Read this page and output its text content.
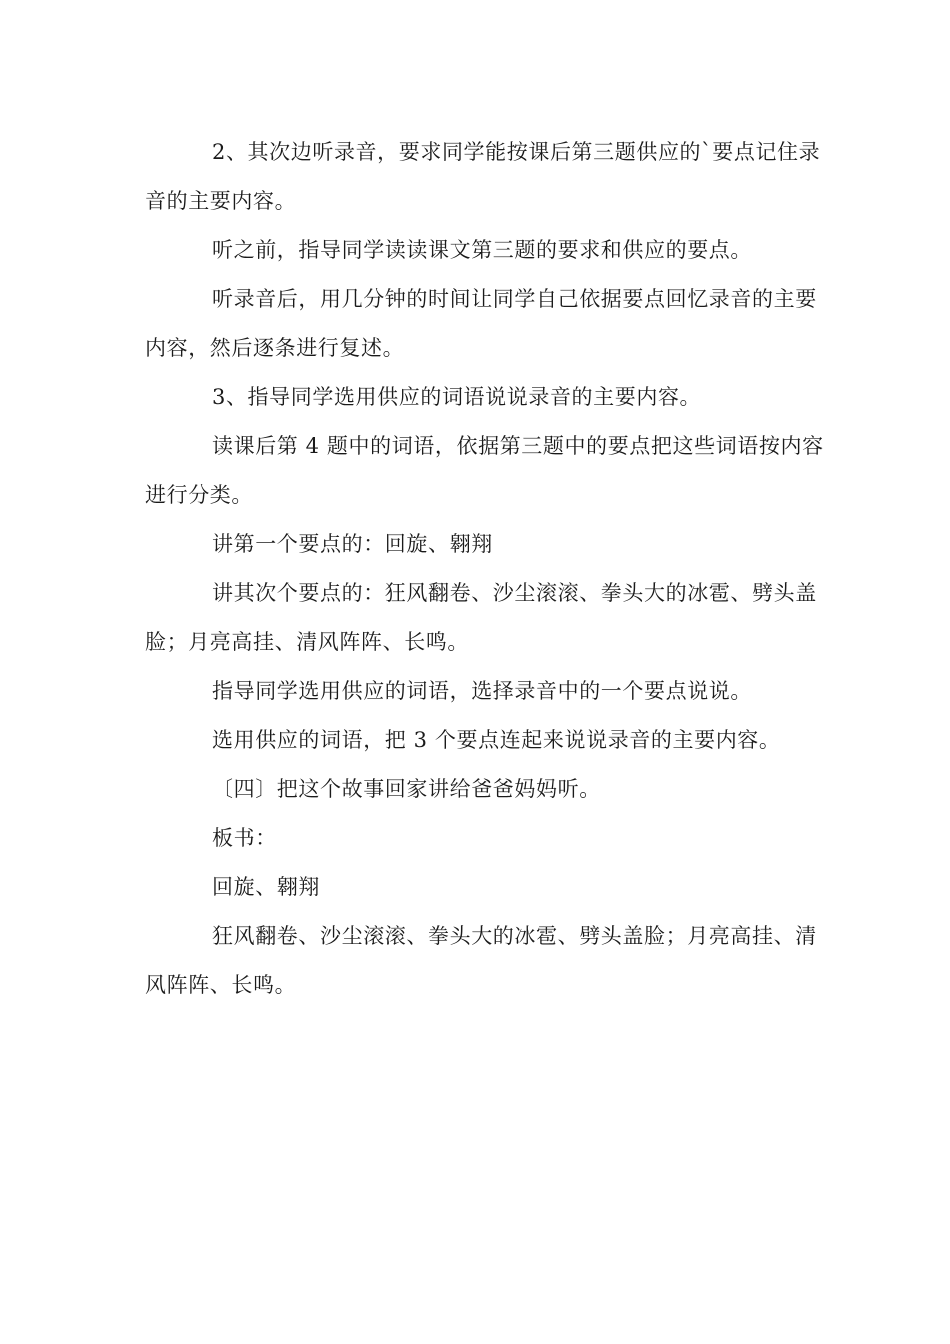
2、其次边听录音，要求同学能按课后第三题供应的`要点记住录音的主要内容。

听之前，指导同学读读课文第三题的要求和供应的要点。

听录音后，用几分钟的时间让同学自己依据要点回忆录音的主要内容，然后逐条进行复述。

3、指导同学选用供应的词语说说录音的主要内容。

读课后第 4 题中的词语，依据第三题中的要点把这些词语按内容进行分类。

讲第一个要点的：回旋、翱翔

讲其次个要点的：狂风翻卷、沙尘滚滚、拳头大的冰雹、劈头盖脸；月亮高挂、清风阵阵、长鸣。

指导同学选用供应的词语，选择录音中的一个要点说说。

选用供应的词语，把 3 个要点连起来说说录音的主要内容。

〔四〕把这个故事回家讲给爸爸妈妈听。

板书：

回旋、翱翔

狂风翻卷、沙尘滚滚、拳头大的冰雹、劈头盖脸；月亮高挂、清风阵阵、长鸣。
